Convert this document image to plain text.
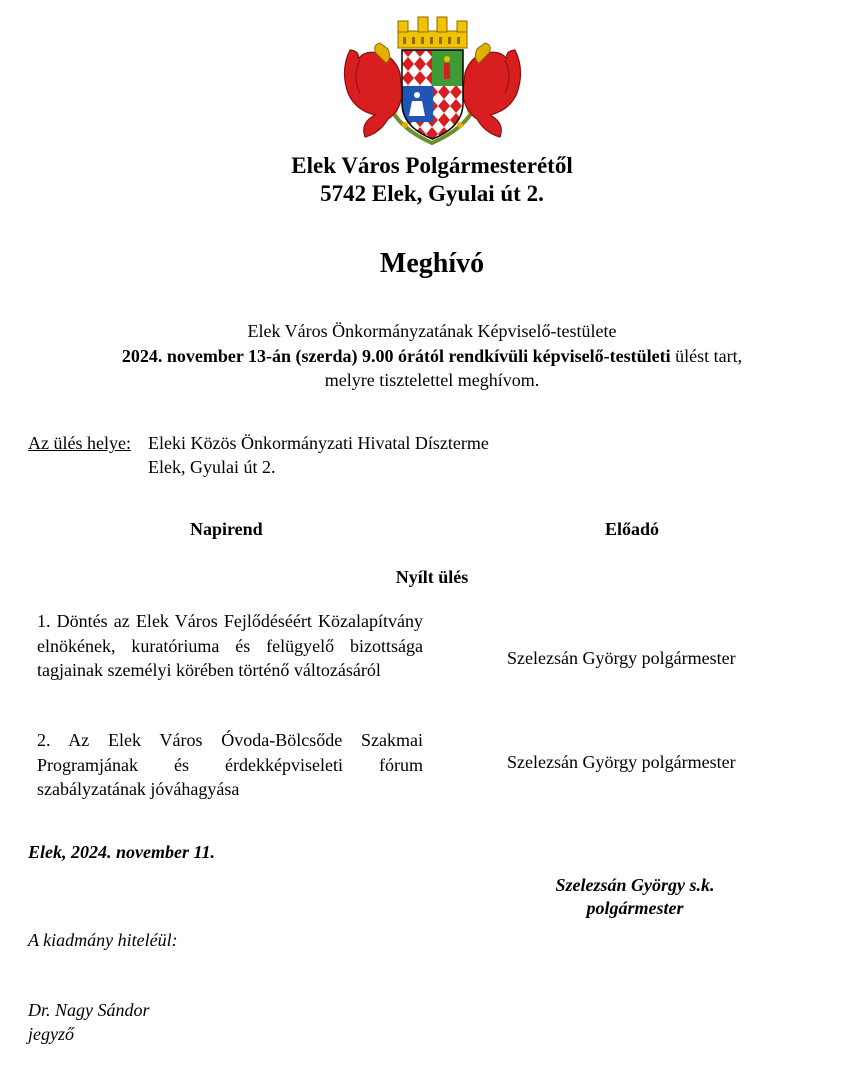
Elek Város Polgármesterétől
5742 Elek, Gyulai út 2.
Meghívó
Elek Város Önkormányzatának Képviselő-testülete
2024. november 13-án (szerda) 9.00 órától rendkívüli képviselő-testületi ülést tart,
melyre tisztelettel meghívom.
Az ülés helye: Eleki Közös Önkormányzati Hivatal Díszterme
Elek, Gyulai út 2.
Napirend	Előadó
Nyílt ülés
1. Döntés az Elek Város Fejlődéséért Közalapítvány elnökének, kuratóriuma és felügyelő bizottsága tagjainak személyi körében történő változásáról
Szelezsán György polgármester
2. Az Elek Város Óvoda-Bölcsőde Szakmai Programjának és érdekképviseleti fórum szabályzatának jóváhagyása
Szelezsán György polgármester
Elek, 2024. november 11.
Szelezsán György s.k.
polgármester
A kiadmány hiteléül:
Dr. Nagy Sándor
jegyző
